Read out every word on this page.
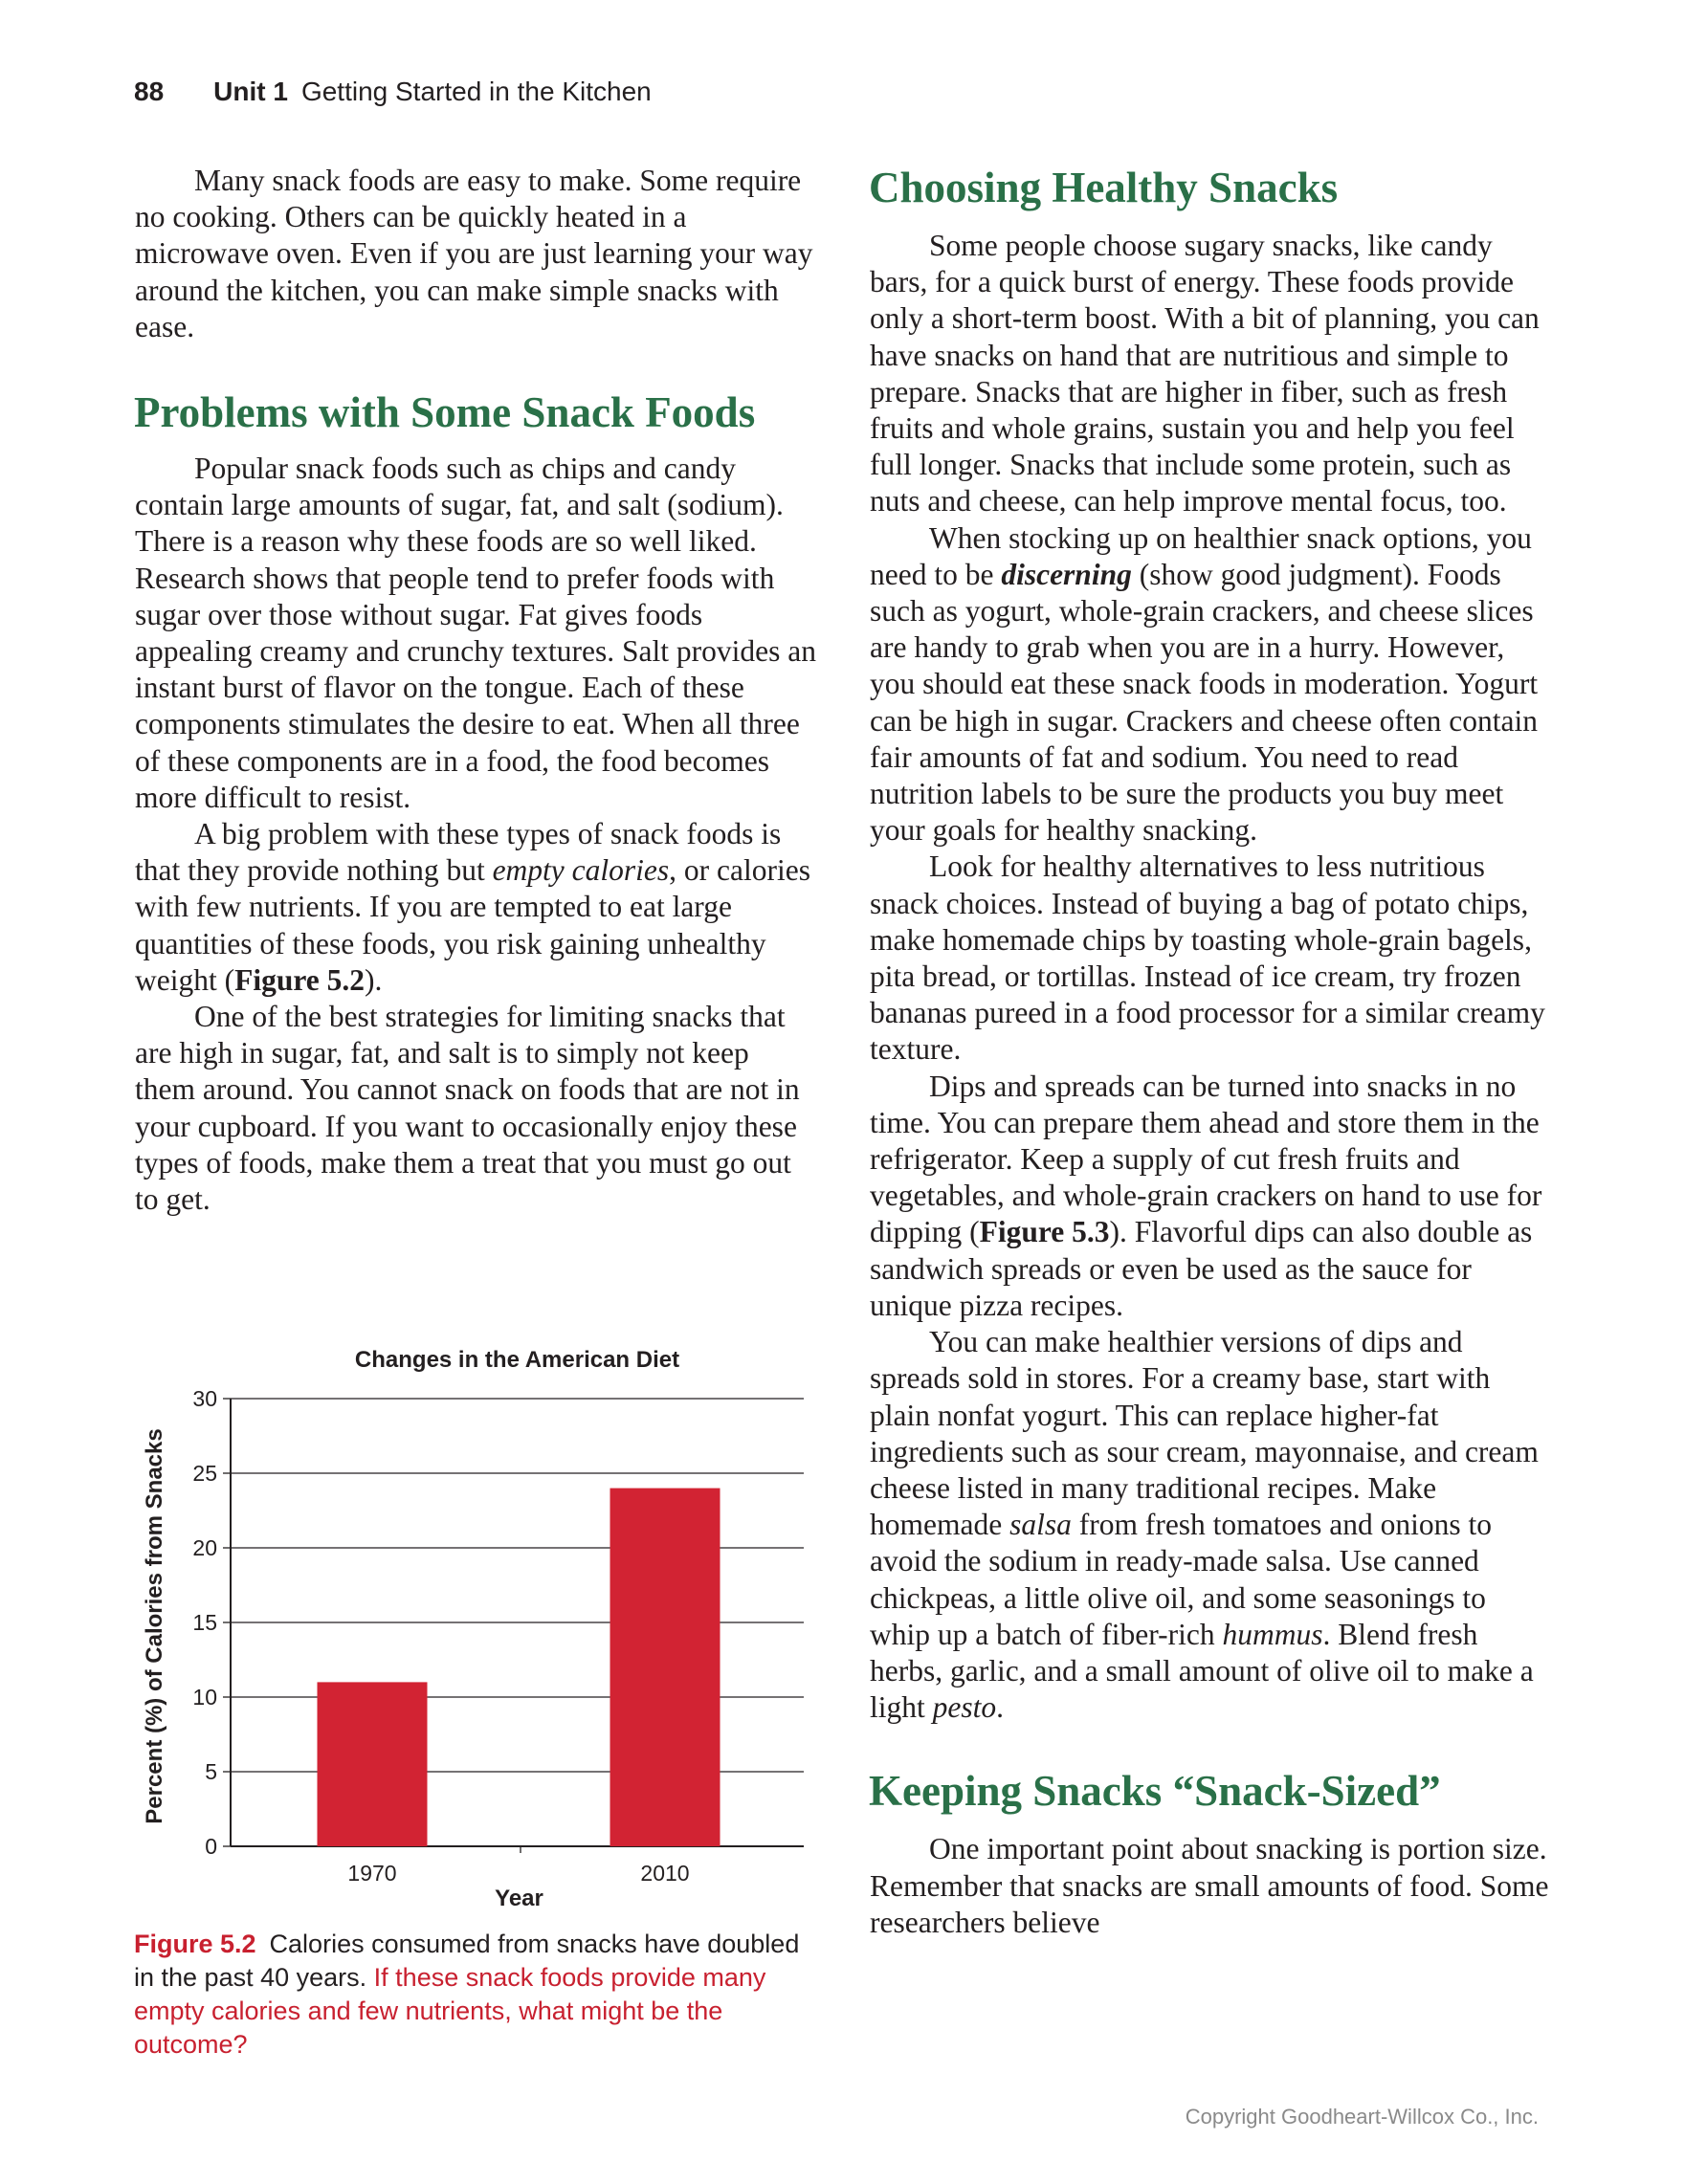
88 Unit 1 Getting Started in the Kitchen

Many snack foods are easy to make. Some require no cooking. Others can be quickly heated in a microwave oven. Even if you are just learning your way around the kitchen, you can make simple snacks with ease.

Problems with Some Snack Foods

Popular snack foods such as chips and candy contain large amounts of sugar, fat, and salt (sodium). There is a reason why these foods are so well liked. Research shows that people tend to prefer foods with sugar over those without sugar. Fat gives foods appealing creamy and crunchy textures. Salt provides an instant burst of flavor on the tongue. Each of these components stimulates the desire to eat. When all three of these components are in a food, the food becomes more difficult to resist.

A big problem with these types of snack foods is that they provide nothing but empty calories, or calories with few nutrients. If you are tempted to eat large quantities of these foods, you risk gaining unhealthy weight (Figure 5.2).

One of the best strategies for limiting snacks that are high in sugar, fat, and salt is to simply not keep them around. You cannot snack on foods that are not in your cupboard. If you want to occasionally enjoy these types of foods, make them a treat that you must go out to get.

Changes in the American Diet
0
5
10
15
20
25
30
1970	2010
Year
Percent (%) of Calories from Snacks
Figure 5.2 Calories consumed from snacks have doubled in the past 40 years. If these snack foods provide many empty calories and few nutrients, what might be the outcome?
Choosing Healthy Snacks

Some people choose sugary snacks, like candy bars, for a quick burst of energy. These foods provide only a short-term boost. With a bit of planning, you can have snacks on hand that are nutritious and simple to prepare. Snacks that are higher in fiber, such as fresh fruits and whole grains, sustain you and help you feel full longer. Snacks that include some protein, such as nuts and cheese, can help improve mental focus, too.

When stocking up on healthier snack options, you need to be discerning (show good judgment). Foods such as yogurt, whole-grain crackers, and cheese slices are handy to grab when you are in a hurry. However, you should eat these snack foods in moderation. Yogurt can be high in sugar. Crackers and cheese often contain fair amounts of fat and sodium. You need to read nutrition labels to be sure the products you buy meet your goals for healthy snacking.

Look for healthy alternatives to less nutritious snack choices. Instead of buying a bag of potato chips, make homemade chips by toasting whole-grain bagels, pita bread, or tortillas. Instead of ice cream, try frozen bananas pureed in a food processor for a similar creamy texture.

Dips and spreads can be turned into snacks in no time. You can prepare them ahead and store them in the refrigerator. Keep a supply of cut fresh fruits and vegetables, and whole-grain crackers on hand to use for dipping (Figure 5.3). Flavorful dips can also double as sandwich spreads or even be used as the sauce for unique pizza recipes.

You can make healthier versions of dips and spreads sold in stores. For a creamy base, start with plain nonfat yogurt. This can replace higher-fat ingredients such as sour cream, mayonnaise, and cream cheese listed in many traditional recipes. Make homemade salsa from fresh tomatoes and onions to avoid the sodium in ready-made salsa. Use canned chickpeas, a little olive oil, and some seasonings to whip up a batch of fiber-rich hummus. Blend fresh herbs, garlic, and a small amount of olive oil to make a light pesto.

Keeping Snacks “Snack-Sized”

One important point about snacking is portion size. Remember that snacks are small amounts of food. Some researchers believe

Copyright Goodheart-Willcox Co., Inc.
